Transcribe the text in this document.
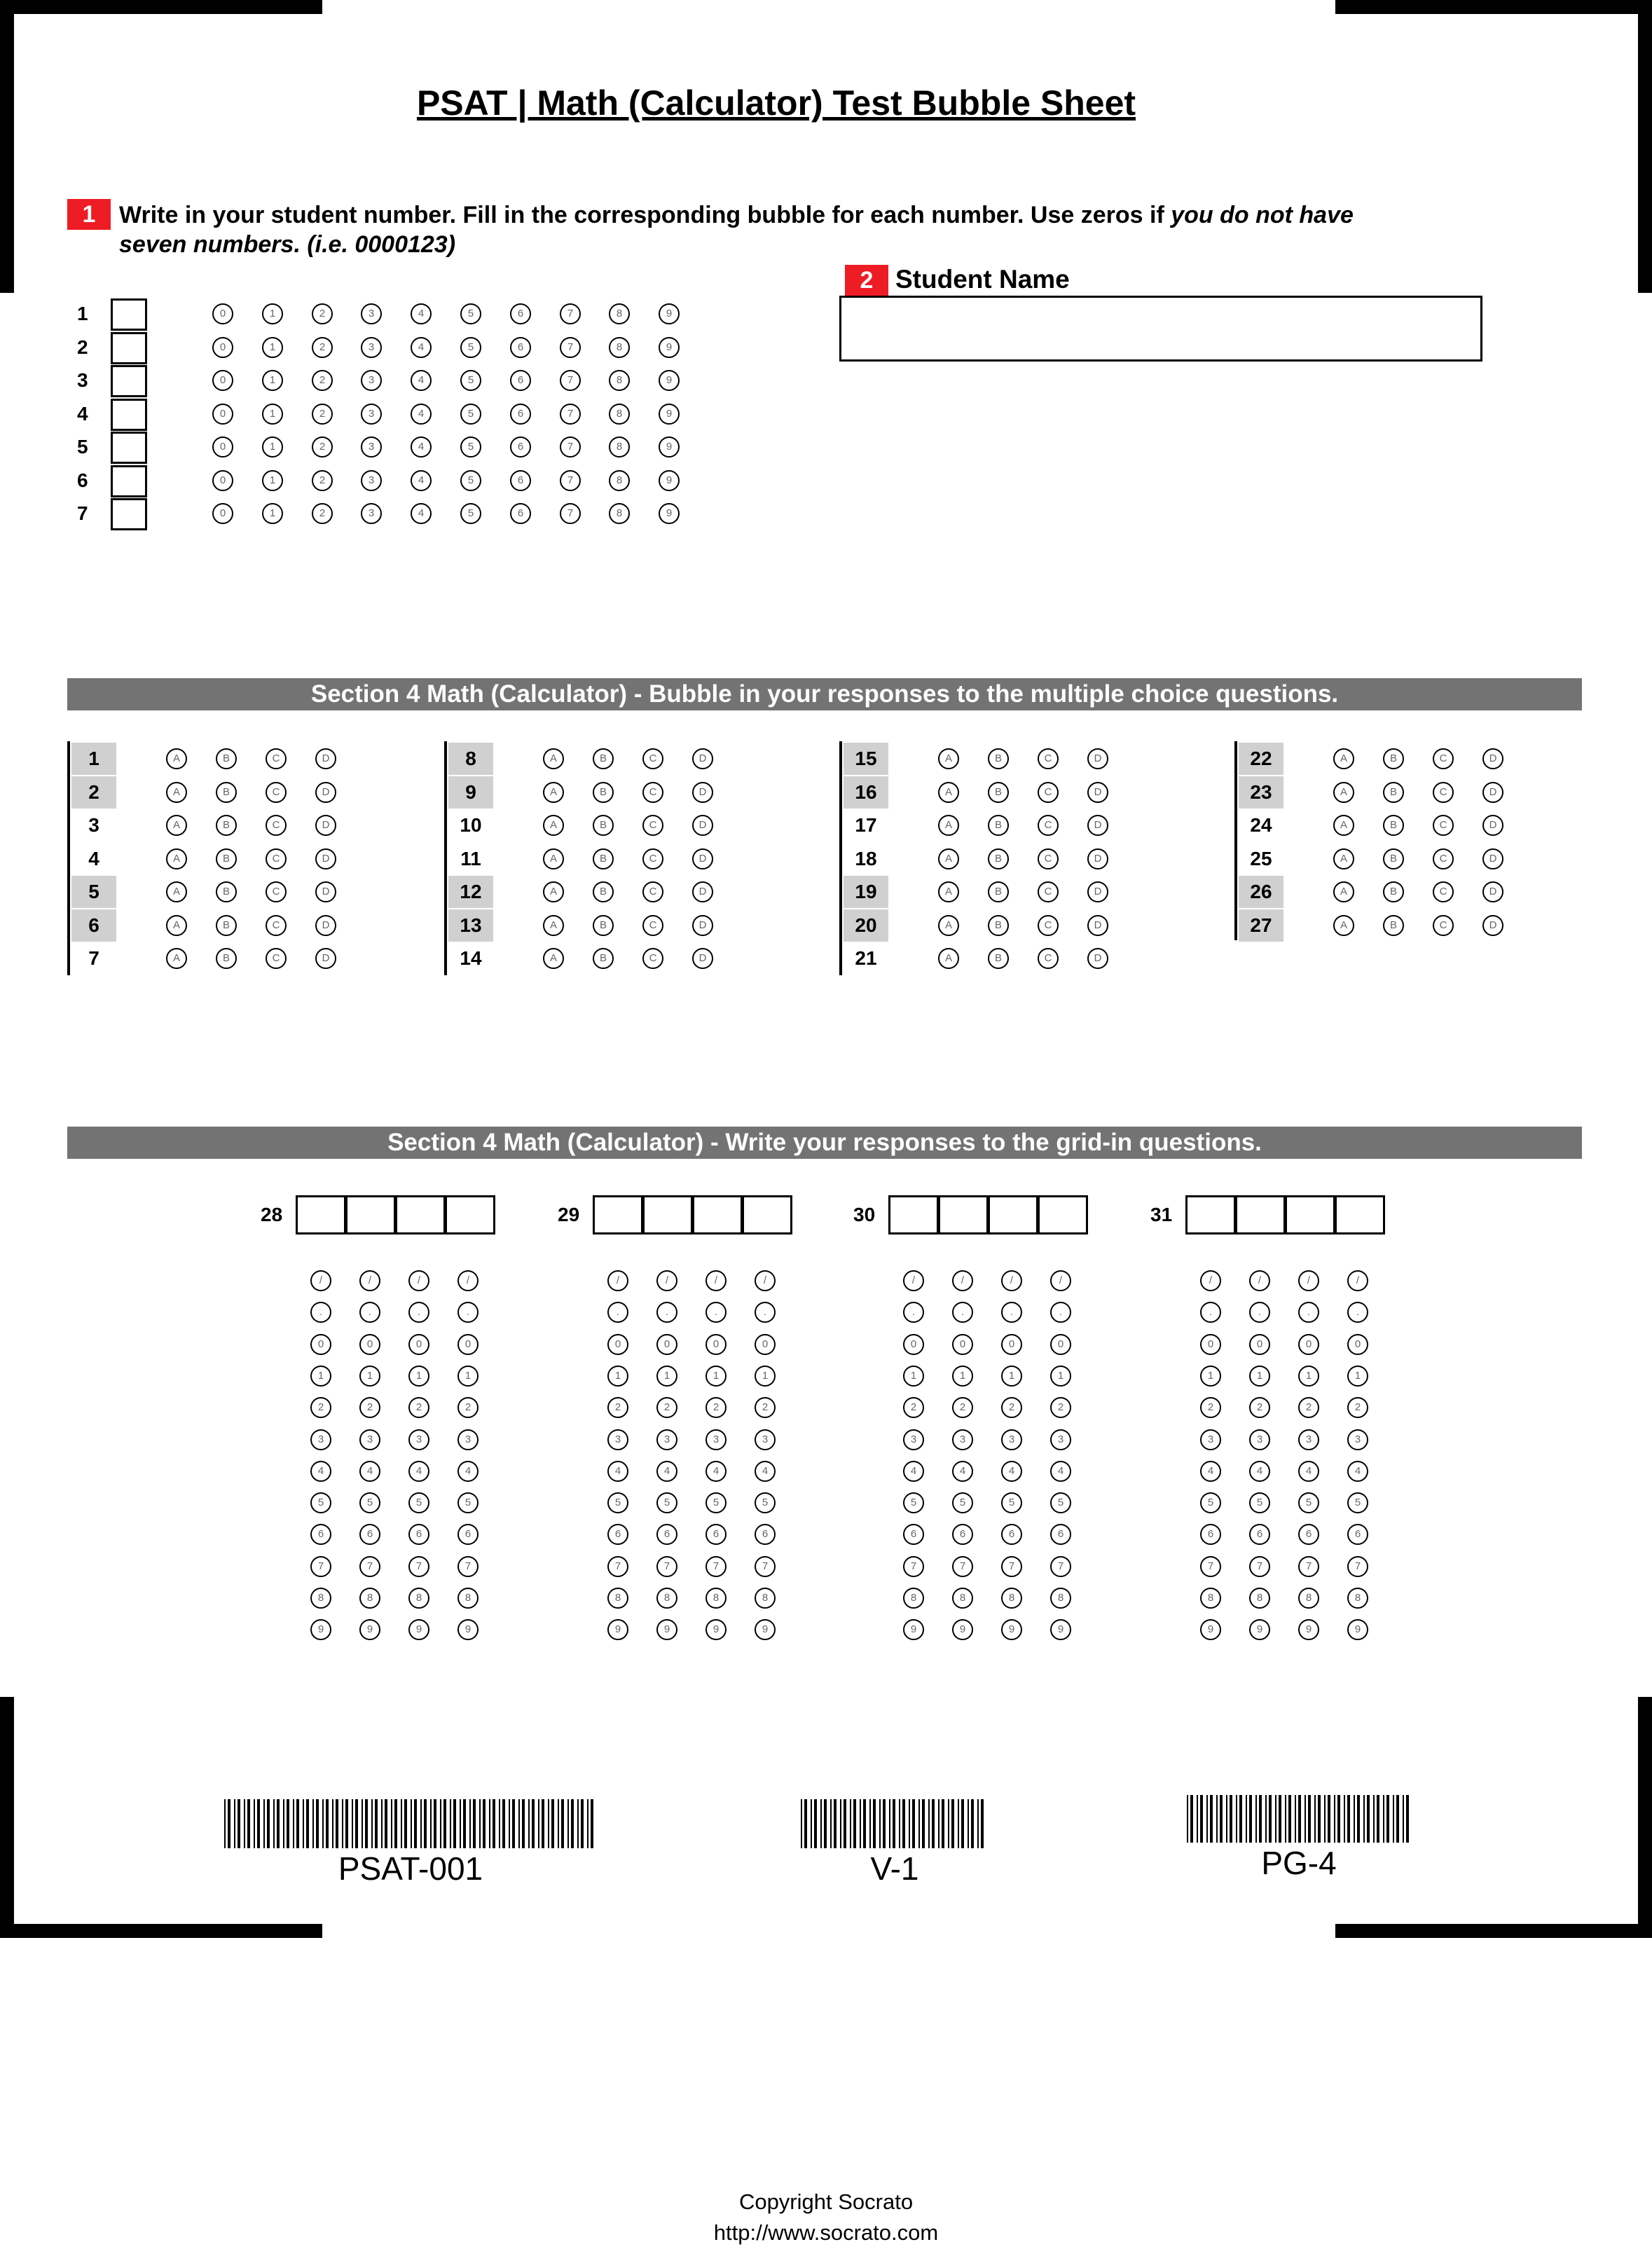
PSAT | Math (Calculator) Test Bubble Sheet
1 Write in your student number. Fill in the corresponding bubble for each number. Use zeros if you do not have
seven numbers. (i.e. 0000123)
2 Student Name
1	0	1	2	3	4	5	6	7	8	9
2	0	1	2	3	4	5	6	7	8	9
3	0	1	2	3	4	5	6	7	8	9
4	0	1	2	3	4	5	6	7	8	9
5	0	1	2	3	4	5	6	7	8	9
6	0	1	2	3	4	5	6	7	8	9
7	0	1	2	3	4	5	6	7	8	9
Section 4 Math (Calculator) - Bubble in your responses to the multiple choice questions.
1	A	B	C	D
2	A	B	C	D
3	A	B	C	D
4	A	B	C	D
5	A	B	C	D
6	A	B	C	D
7	A	B	C	D
8	A	B	C	D
9	A	B	C	D
10	A	B	C	D
11	A	B	C	D
12	A	B	C	D
13	A	B	C	D
14	A	B	C	D
15	A	B	C	D
16	A	B	C	D
17	A	B	C	D
18	A	B	C	D
19	A	B	C	D
20	A	B	C	D
21	A	B	C	D
22	A	B	C	D
23	A	B	C	D
24	A	B	C	D
25	A	B	C	D
26	A	B	C	D
27	A	B	C	D
Section 4 Math (Calculator) - Write your responses to the grid-in questions.
28
/	/	/	/
.	.	.	.
0	0	0	0
1	1	1	1
2	2	2	2
3	3	3	3
4	4	4	4
5	5	5	5
6	6	6	6
7	7	7	7
8	8	8	8
9	9	9	9
29
/	/	/	/
.	.	.	.
0	0	0	0
1	1	1	1
2	2	2	2
3	3	3	3
4	4	4	4
5	5	5	5
6	6	6	6
7	7	7	7
8	8	8	8
9	9	9	9
30
/	/	/	/
.	.	.	.
0	0	0	0
1	1	1	1
2	2	2	2
3	3	3	3
4	4	4	4
5	5	5	5
6	6	6	6
7	7	7	7
8	8	8	8
9	9	9	9
31
/	/	/	/
.	.	.	.
0	0	0	0
1	1	1	1
2	2	2	2
3	3	3	3
4	4	4	4
5	5	5	5
6	6	6	6
7	7	7	7
8	8	8	8
9	9	9	9
PSAT-001	V-1	PG-4
Copyright Socrato
http://www.socrato.com
